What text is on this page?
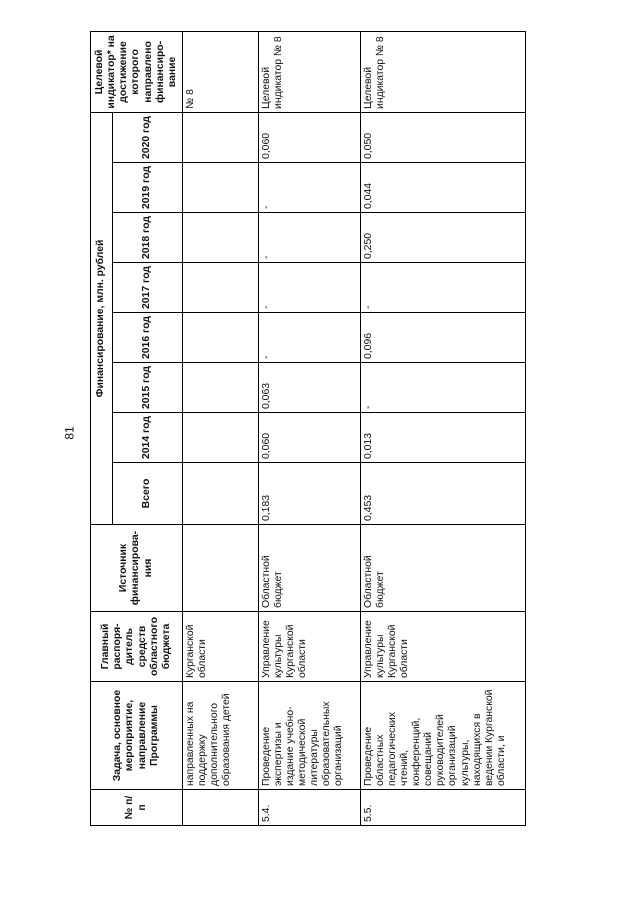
81
№ п/п	Задача, основное мероприятие, направление Программы	Главный распоря-дитель средств областного бюджета	Источник финансирова-ния	Финансирование, млн. рублей								Целевой индикатор* на достижение которого направлено финансиро-вание
				Всего	2014 год	2015 год	2016 год	2017 год	2018 год	2019 год	2020 год	
	направленных на поддержку дополнительного образования детей	Курганской области										№ 8
5.4.	Проведение экспертизы и издание учебно-методической литературы образовательных организаций	Управление культуры Курганской области	Областной бюджет	0,183	0,060	0,063	-	-	-	-	0,060	Целевой индикатор № 8
5.5.	Проведение областных педагогических чтений, конференций, совещаний руководителей организаций культуры, находящихся в ведении Курганской области, и	Управление культуры Курганской области	Областной бюджет	0,453	0,013	-	0,096	-	0,250	0,044	0,050	Целевой индикатор № 8
